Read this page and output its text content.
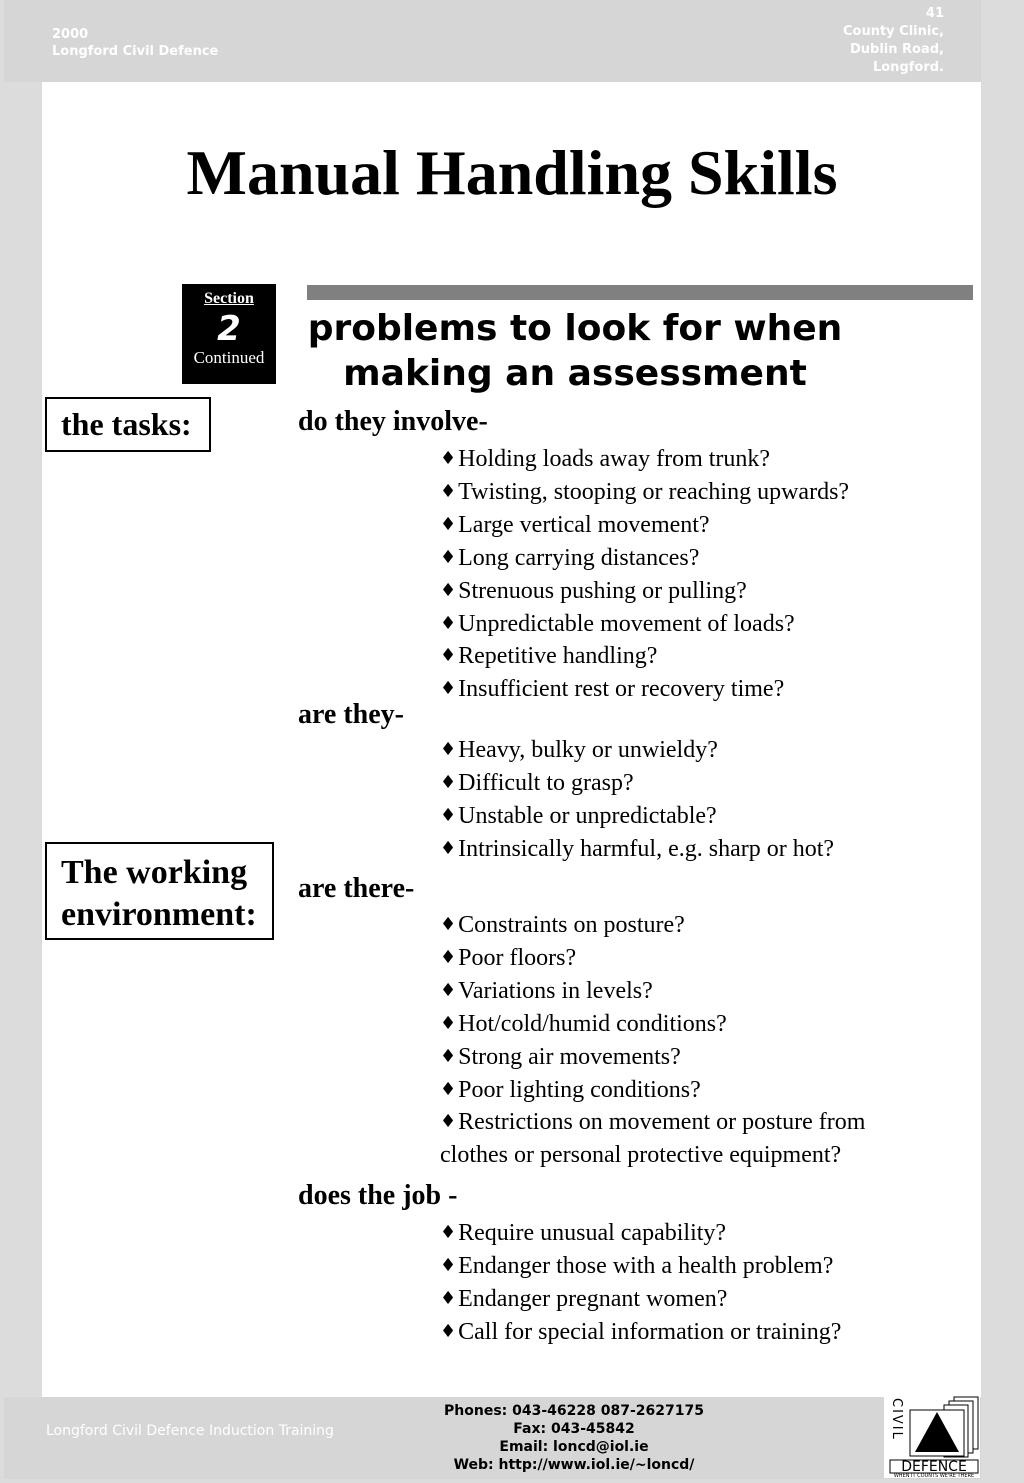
2000
Longford Civil Defence
41
County Clinic,
Dublin Road,
Longford.
Manual Handling Skills
Section
2
Continued
problems to look for when
making an assessment
the tasks:
The working
environment:
do they involve-
♦Holding loads away from trunk?
♦Twisting, stooping or reaching upwards?
♦Large vertical movement?
♦Long carrying distances?
♦Strenuous pushing or pulling?
♦Unpredictable movement of loads?
♦Repetitive handling?
♦Insufficient rest or recovery time?
are they-
♦Heavy, bulky or unwieldy?
♦Difficult to grasp?
♦Unstable or unpredictable?
♦Intrinsically harmful, e.g. sharp or hot?
are there-
♦Constraints on posture?
♦Poor floors?
♦Variations in levels?
♦Hot/cold/humid conditions?
♦Strong air movements?
♦Poor lighting conditions?
♦Restrictions on movement or posture from
clothes or personal protective equipment?
does the job -
♦Require unusual capability?
♦Endanger those with a health problem?
♦Endanger pregnant women?
♦Call for special information or training?
Longford Civil Defence Induction Training
Phones: 043-46228 087-2627175
Fax: 043-45842
Email: loncd@iol.ie
Web: http://www.iol.ie/~loncd/	DEFENCE
WHEN IT COUNTS WE'RE THERE
CIVIL
